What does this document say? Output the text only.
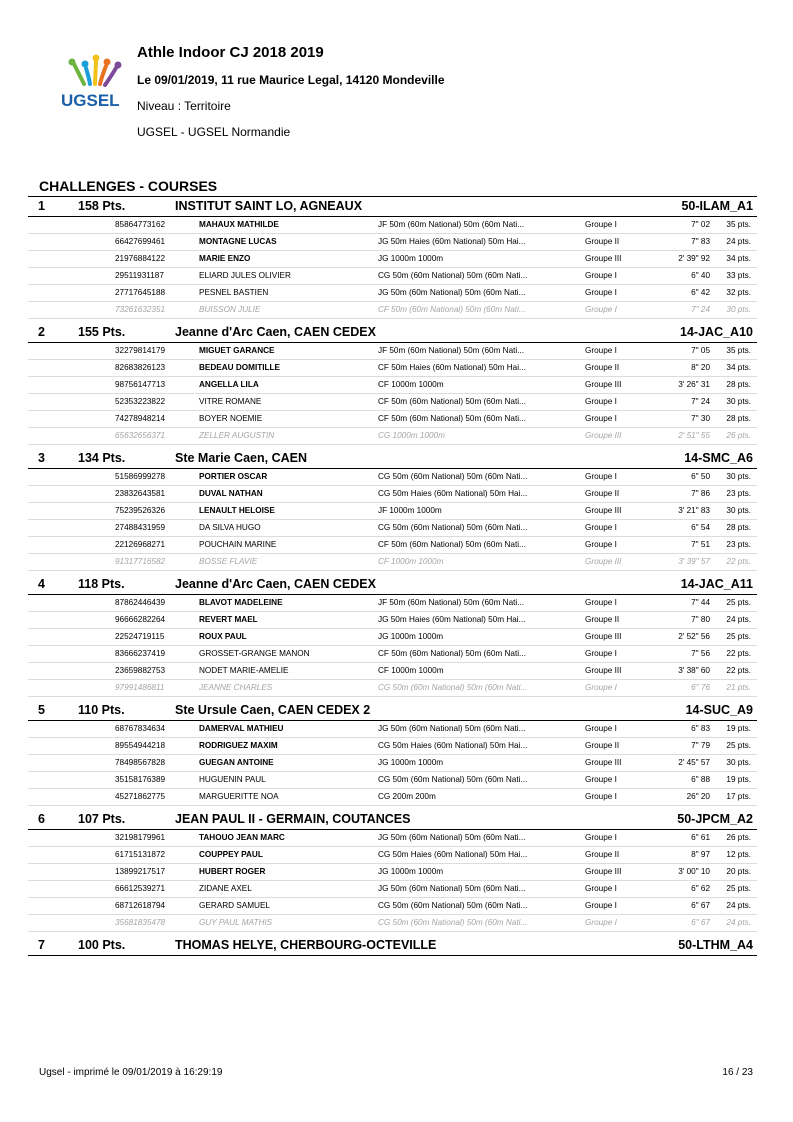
UGSEL
Athle Indoor CJ 2018 2019
Le 09/01/2019, 11 rue Maurice Legal, 14120 Mondeville
Niveau : Territoire
UGSEL - UGSEL Normandie
CHALLENGES - COURSES
1	158 Pts.	INSTITUT SAINT LO, AGNEAUX	50-ILAM_A1
85864773162	MAHAUX MATHILDE	JF 50m (60m National) 50m (60m Nati...	Groupe I	7" 02 35 pts.
66427699461	MONTAGNE LUCAS	JG 50m Haies (60m National) 50m Hai...	Groupe II	7" 83 24 pts.
21976884122	MARIE ENZO	JG 1000m 1000m	Groupe III	2' 39" 92 34 pts.
29511931187	ELIARD JULES OLIVIER	CG 50m (60m National) 50m (60m Nati...	Groupe I	6" 40 33 pts.
27717645188	PESNEL BASTIEN	JG 50m (60m National) 50m (60m Nati...	Groupe I	6" 42 32 pts.
73261632351	BUISSON JULIE	CF 50m (60m National) 50m (60m Nati...	Groupe I	7" 24 30 pts.
2	155 Pts.	Jeanne d'Arc Caen, CAEN CEDEX	14-JAC_A10
32279814179	MIGUET GARANCE	JF 50m (60m National) 50m (60m Nati...	Groupe I	7" 05 35 pts.
82683826123	BEDEAU DOMITILLE	CF 50m Haies (60m National) 50m Hai...	Groupe II	8" 20 34 pts.
98756147713	ANGELLA LILA	CF 1000m 1000m	Groupe III	3' 26" 31 28 pts.
52353223822	VITRE ROMANE	CF 50m (60m National) 50m (60m Nati...	Groupe I	7" 24 30 pts.
74278948214	BOYER NOEMIE	CF 50m (60m National) 50m (60m Nati...	Groupe I	7" 30 28 pts.
65632656371	ZELLER AUGUSTIN	CG 1000m 1000m	Groupe III	2' 51" 55 26 pts.
3	134 Pts.	Ste Marie Caen, CAEN	14-SMC_A6
51586999278	PORTIER OSCAR	CG 50m (60m National) 50m (60m Nati...	Groupe I	6" 50 30 pts.
23832643581	DUVAL NATHAN	CG 50m Haies (60m National) 50m Hai...	Groupe II	7" 86 23 pts.
75239526326	LENAULT HELOISE	JF 1000m 1000m	Groupe III	3' 21" 83 30 pts.
27488431959	DA SILVA HUGO	CG 50m (60m National) 50m (60m Nati...	Groupe I	6" 54 28 pts.
22126968271	POUCHAIN MARINE	CF 50m (60m National) 50m (60m Nati...	Groupe I	7" 51 23 pts.
91317716582	BOSSE FLAVIE	CF 1000m 1000m	Groupe III	3' 39" 57 22 pts.
4	118 Pts.	Jeanne d'Arc Caen, CAEN CEDEX	14-JAC_A11
87862446439	BLAVOT MADELEINE	JF 50m (60m National) 50m (60m Nati...	Groupe I	7" 44 25 pts.
96666282264	REVERT MAEL	JG 50m Haies (60m National) 50m Hai...	Groupe II	7" 80 24 pts.
22524719115	ROUX PAUL	JG 1000m 1000m	Groupe III	2' 52" 56 25 pts.
83666237419	GROSSET-GRANGE MANON	CF 50m (60m National) 50m (60m Nati...	Groupe I	7" 56 22 pts.
23659882753	NODET MARIE-AMELIE	CF 1000m 1000m	Groupe III	3' 38" 60 22 pts.
97991486811	JEANNE CHARLES	CG 50m (60m National) 50m (60m Nati...	Groupe I	6" 76 21 pts.
5	110 Pts.	Ste Ursule Caen, CAEN CEDEX 2	14-SUC_A9
68767834634	DAMERVAL MATHIEU	JG 50m (60m National) 50m (60m Nati...	Groupe I	6" 83 19 pts.
89554944218	RODRIGUEZ MAXIM	CG 50m Haies (60m National) 50m Hai...	Groupe II	7" 79 25 pts.
78498567828	GUEGAN ANTOINE	JG 1000m 1000m	Groupe III	2' 45" 57 30 pts.
35158176389	HUGUENIN PAUL	CG 50m (60m National) 50m (60m Nati...	Groupe I	6" 88 19 pts.
45271862775	MARGUERITTE NOA	CG 200m 200m	Groupe I	26" 20 17 pts.
6	107 Pts.	JEAN PAUL II - GERMAIN, COUTANCES	50-JPCM_A2
32198179961	TAHOUO JEAN MARC	JG 50m (60m National) 50m (60m Nati...	Groupe I	6" 61 26 pts.
61715131872	COUPPEY PAUL	CG 50m Haies (60m National) 50m Hai...	Groupe II	8" 97 12 pts.
13899217517	HUBERT ROGER	JG 1000m 1000m	Groupe III	3' 00" 10 20 pts.
66612539271	ZIDANE AXEL	JG 50m (60m National) 50m (60m Nati...	Groupe I	6" 62 25 pts.
68712618794	GERARD SAMUEL	CG 50m (60m National) 50m (60m Nati...	Groupe I	6" 67 24 pts.
35681835478	GUY PAUL MATHIS	CG 50m (60m National) 50m (60m Nati...	Groupe I	6" 67 24 pts.
7	100 Pts.	THOMAS HELYE, CHERBOURG-OCTEVILLE	50-LTHM_A4
Ugsel - imprimé le 09/01/2019 à 16:29:19	16 / 23
